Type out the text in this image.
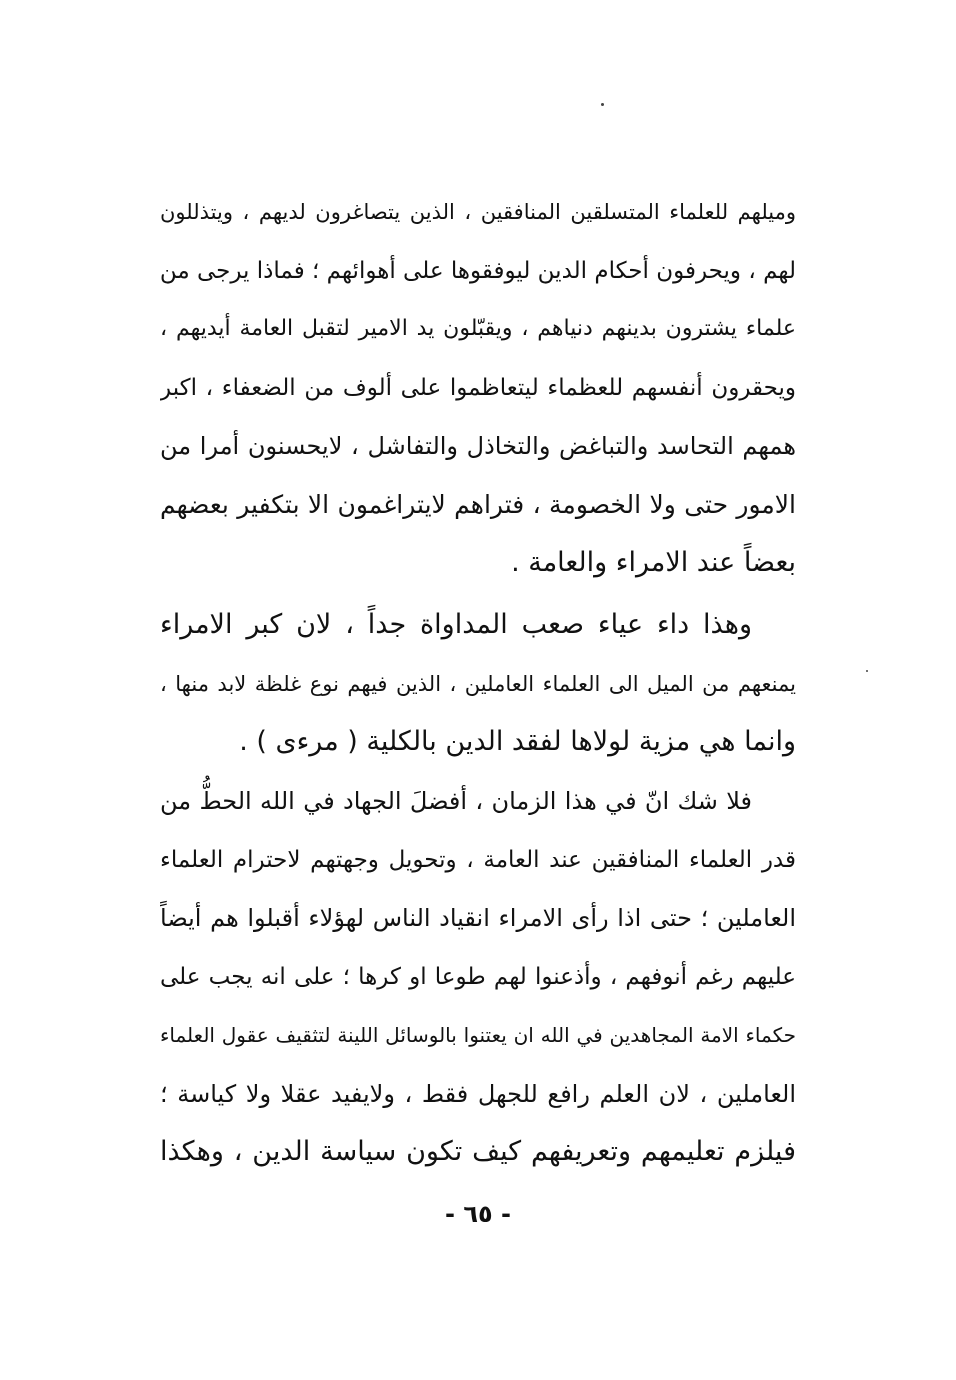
وميلهم للعلماء المتسلقين المنافقين ، الذين يتصاغرون لديهم ، ويتذللون
لهم ، ويحرفون أحكام الدين ليوفقوها على أهوائهم ؛ فماذا يرجى من
علماء يشترون بدينهم دنياهم ، ويقبّلون يد الامير لتقبل العامة أيديهم ،
ويحقرون أنفسهم للعظماء ليتعاظموا على ألوف من الضعفاء ، اكبر
همهم التحاسد والتباغض والتخاذل والتفاشل ، لايحسنون أمرا من
الامور حتى ولا الخصومة ، فتراهم لايتراغمون الا بتكفير بعضهم
بعضاً عند الامراء والعامة .
وهذا داء عياء صعب المداواة جداً ، لان كبر الامراء
يمنعهم من الميل الى العلماء العاملين ، الذين فيهم نوع غلظة لابد منها ،
وانما هي مزية لولاها لفقد الدين بالكلية ( مرءى ) .
فلا شك انّ في هذا الزمان ، أفضلَ الجهاد في الله الحطُّ من
قدر العلماء المنافقين عند العامة ، وتحويل وجهتهم لاحترام العلماء
العاملين ؛ حتى اذا رأى الامراء انقياد الناس لهؤلاء أقبلوا هم أيضاً
عليهم رغم أنوفهم ، وأذعنوا لهم طوعا او كرها ؛ على انه يجب على
حكماء الامة المجاهدين في الله ان يعتنوا بالوسائل اللينة لتثقيف عقول العلماء
العاملين ، لان العلم رافع للجهل فقط ، ولايفيد عقلا ولا كياسة ؛
فيلزم تعليمهم وتعريفهم كيف تكون سياسة الدين ، وهكذا
- ٦٥ -
